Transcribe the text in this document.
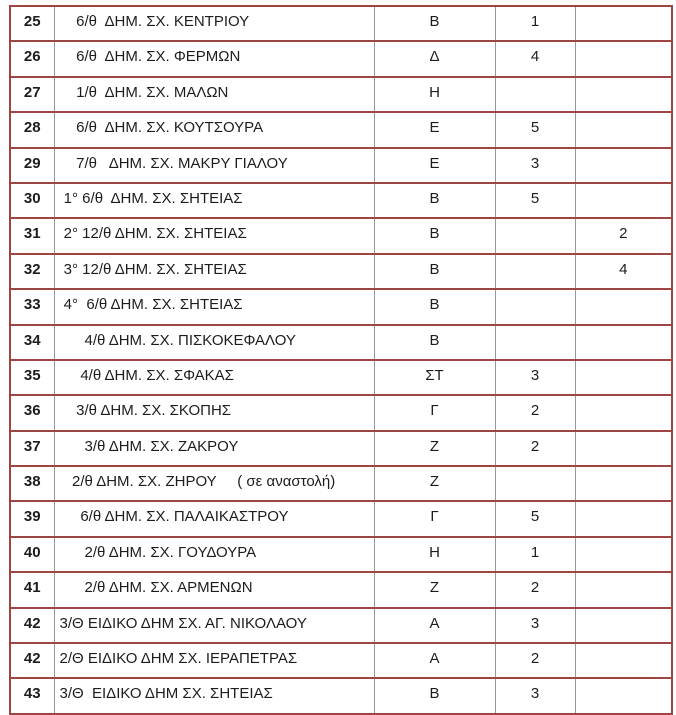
25	6/θ  ΔΗΜ. ΣΧ. ΚΕΝΤΡΙΟΥ	Β	1	
26	6/θ  ΔΗΜ. ΣΧ. ΦΕΡΜΩΝ	Δ	4	
27	1/θ  ΔΗΜ. ΣΧ. ΜΑΛΩΝ	Η		
28	6/θ  ΔΗΜ. ΣΧ. ΚΟΥΤΣΟΥΡΑ	Ε	5	
29	7/θ   ΔΗΜ. ΣΧ. ΜΑΚΡΥ ΓΙΑΛΟΥ	Ε	3	
30	1° 6/θ  ΔΗΜ. ΣΧ. ΣΗΤΕΙΑΣ	Β	5	
31	2° 12/θ ΔΗΜ. ΣΧ. ΣΗΤΕΙΑΣ	Β		2
32	3° 12/θ ΔΗΜ. ΣΧ. ΣΗΤΕΙΑΣ	Β		4
33	4°  6/θ ΔΗΜ. ΣΧ. ΣΗΤΕΙΑΣ	Β		
34	4/θ ΔΗΜ. ΣΧ. ΠΙΣΚΟΚΕΦΑΛΟΥ	Β		
35	4/θ ΔΗΜ. ΣΧ. ΣΦΑΚΑΣ	ΣΤ	3	
36	3/θ ΔΗΜ. ΣΧ. ΣΚΟΠΗΣ	Γ	2	
37	3/θ ΔΗΜ. ΣΧ. ΖΑΚΡΟΥ	Ζ	2	
38	2/θ ΔΗΜ. ΣΧ. ΖΗΡΟΥ     ( σε αναστολή)	Ζ		
39	6/θ ΔΗΜ. ΣΧ. ΠΑΛΑΙΚΑΣΤΡΟΥ	Γ	5	
40	2/θ ΔΗΜ. ΣΧ. ΓΟΥΔΟΥΡΑ	Η	1	
41	2/θ ΔΗΜ. ΣΧ. ΑΡΜΕΝΩΝ	Ζ	2	
42	3/Θ ΕΙΔΙΚΟ ΔΗΜ ΣΧ. ΑΓ. ΝΙΚΟΛΑΟΥ	Α	3	
42	2/Θ ΕΙΔΙΚΟ ΔΗΜ ΣΧ. ΙΕΡΑΠΕΤΡΑΣ	Α	2	
43	3/Θ  ΕΙΔΙΚΟ ΔΗΜ ΣΧ. ΣΗΤΕΙΑΣ	Β	3	
